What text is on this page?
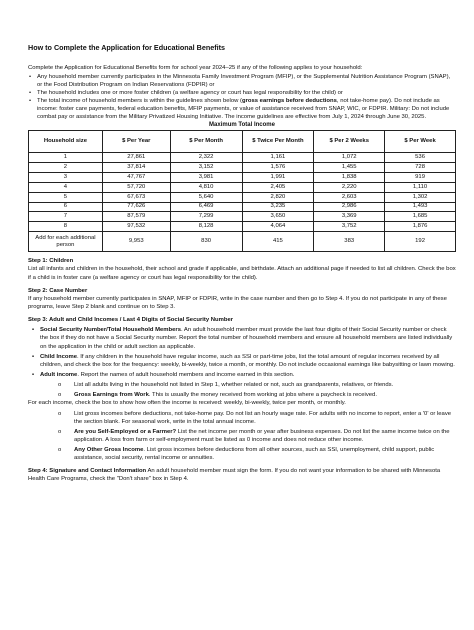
How to Complete the Application for Educational Benefits

Complete the Application for Educational Benefits form for school year 2024–25 if any of the following applies to your household:

• Any household member currently participates in the Minnesota Family Investment Program (MFIP), or the Supplemental Nutrition Assistance Program (SNAP), or the Food Distribution Program on Indian Reservations (FDPIR) or
• The household includes one or more foster children (a welfare agency or court has legal responsibility for the child) or
• The total income of household members is within the guidelines shown below (gross earnings before deductions, not take-home pay). Do not include as income: foster care payments, federal education benefits, MFIP payments, or value of assistance received from SNAP, WIC, or FDPIR. Military: Do not include combat pay or assistance from the Military Privatized Housing Initiative. The income guidelines are effective from July 1, 2024 through June 30, 2025.
Maximum Total Income
Household size	$ Per Year	$ Per Month	$ Twice Per Month	$ Per 2 Weeks	$ Per Week
1	27,861	2,322	1,161	1,072	536
2	37,814	3,152	1,576	1,455	728
3	47,767	3,981	1,991	1,838	919
4	57,720	4,810	2,405	2,220	1,110
5	67,673	5,640	2,820	2,603	1,302
6	77,626	6,469	3,235	2,986	1,493
7	87,579	7,299	3,650	3,369	1,685
8	97,532	8,128	4,064	3,752	1,876
Add for each additional person	9,953	830	415	383	192
Step 1: Children

List all infants and children in the household, their school and grade if applicable, and birthdate. Attach an additional page if needed to list all children. Check the box if a child is in foster care (a welfare agency or court has legal responsibility for the child).

Step 2: Case Number

If any household member currently participates in SNAP, MFIP or FDPIR, write in the case number and then go to Step 4. If you do not participate in any of these programs, leave Step 2 blank and continue on to Step 3.

Step 3: Adult and Child Incomes / Last 4 Digits of Social Security Number

• Social Security Number/Total Household Members. An adult household member must provide the last four digits of their Social Security number or check the box if they do not have a Social Security number. Report the total number of household members and ensure all household members are listed individually on the application in the child or adult section as applicable.

• Child Income. If any children in the household have regular income, such as SSI or part-time jobs, list the total amount of regular incomes received by all children, and check the box for the frequency: weekly, bi-weekly, twice a month, or monthly. Do not include occasional earnings like babysitting or lawn mowing.

• Adult income. Report the names of adult household members and income earned in this section.

o List all adults living in the household not listed in Step 1, whether related or not, such as grandparents, relatives, or friends.

o Gross Earnings from Work. This is usually the money received from working at jobs where a paycheck is received.

For each income, check the box to show how often the income is received: weekly, bi-weekly, twice per month, or monthly.

o List gross incomes before deductions, not take-home pay. Do not list an hourly wage rate. For adults with no income to report, enter a '0' or leave the section blank. For seasonal work, write in the total annual income.

o Are you Self-Employed or a Farmer? List the net income per month or year after business expenses. Do not list the same income twice on the application. A loss from farm or self-employment must be listed as 0 income and does not reduce other income.

o Any Other Gross Income. List gross incomes before deductions from all other sources, such as SSI, unemployment, child support, public assistance, social security, rental income or annuities.

Step 4: Signature and Contact Information An adult household member must sign the form. If you do not want your information to be shared with Minnesota Health Care Programs, check the "Don't share" box in Step 4.
